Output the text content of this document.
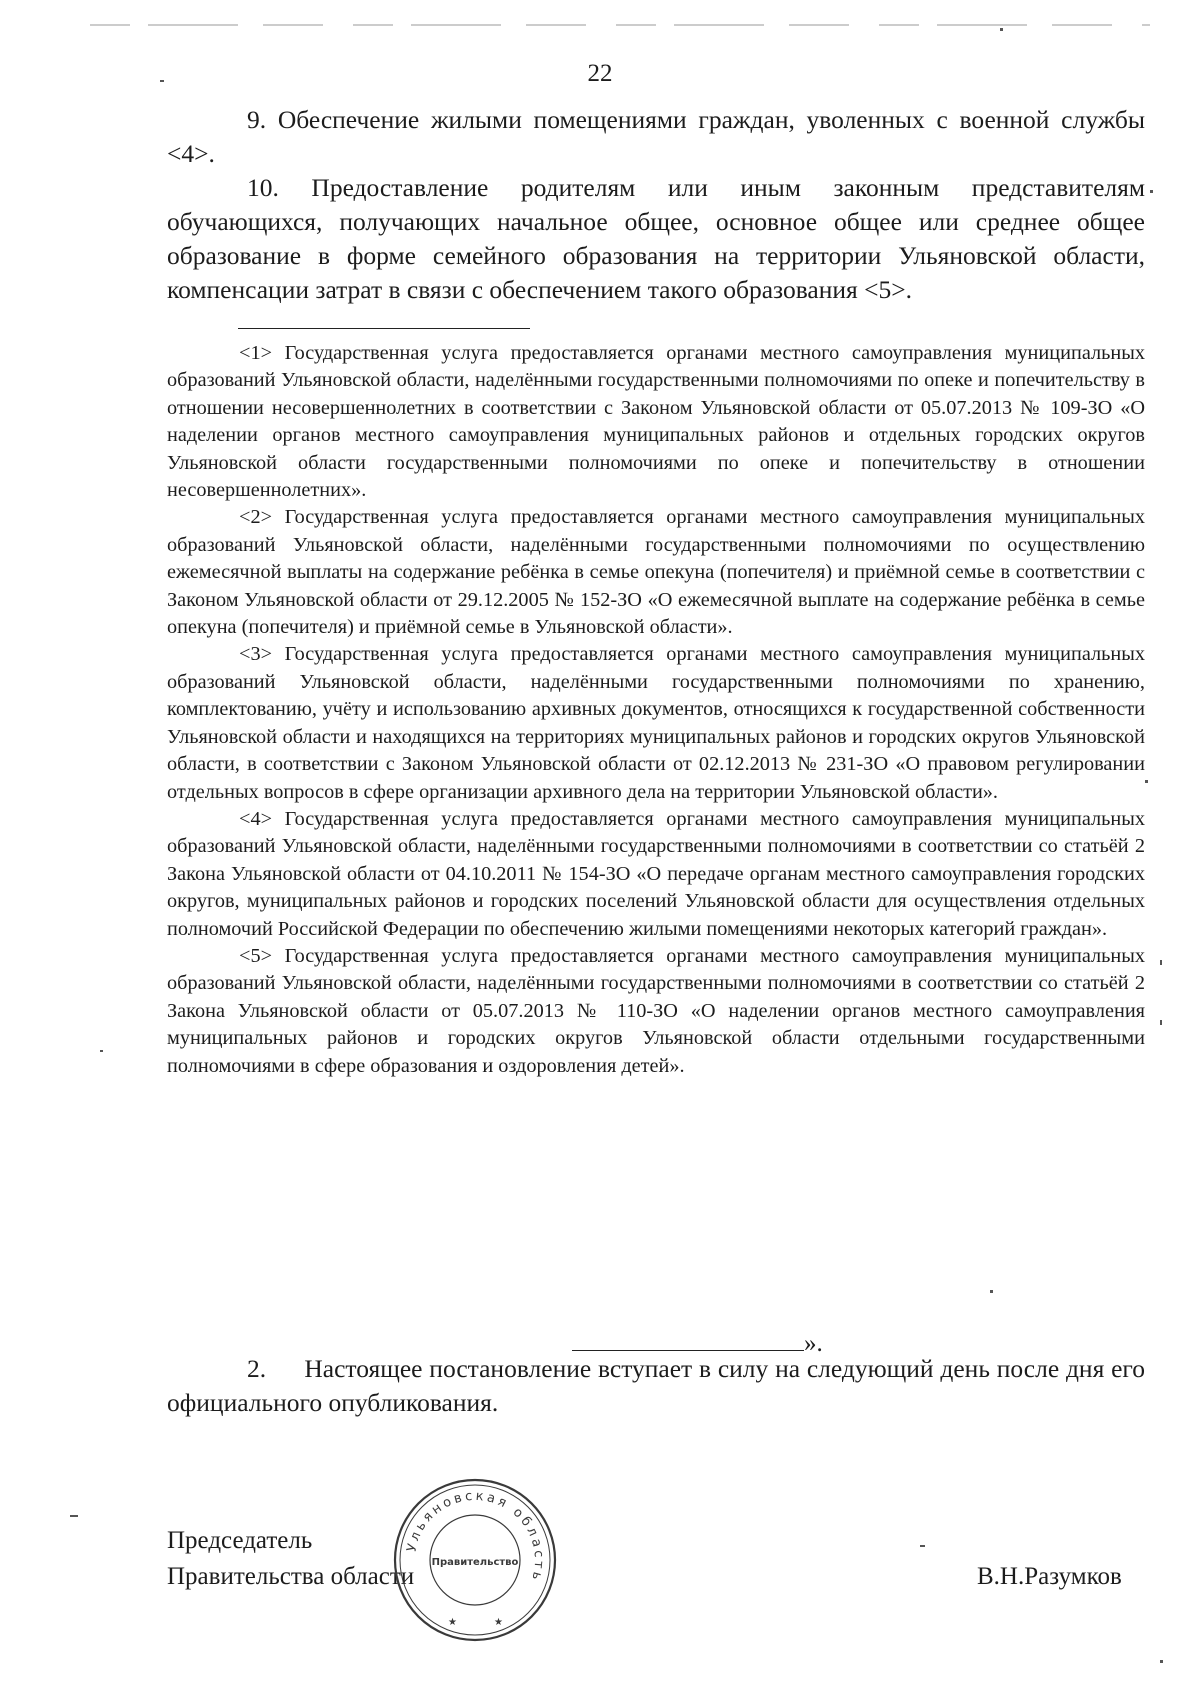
22

9. Обеспечение жилыми помещениями граждан, уволенных с военной службы <4>.

10. Предоставление родителям или иным законным представителям обучающихся, получающих начальное общее, основное общее или среднее общее образование в форме семейного образования на территории Ульяновской области, компенсации затрат в связи с обеспечением такого образования <5>.

<1> Государственная услуга предоставляется органами местного самоуправления муниципальных образований Ульяновской области, наделёнными государственными полномочиями по опеке и попечительству в отношении несовершеннолетних в соответствии с Законом Ульяновской области от 05.07.2013 № 109-ЗО «О наделении органов местного самоуправления муниципальных районов и отдельных городских округов Ульяновской области государственными полномочиями по опеке и попечительству в отношении несовершеннолетних».

<2> Государственная услуга предоставляется органами местного самоуправления муниципальных образований Ульяновской области, наделёнными государственными полномочиями по осуществлению ежемесячной выплаты на содержание ребёнка в семье опекуна (попечителя) и приёмной семье в соответствии с Законом Ульяновской области от 29.12.2005 № 152-ЗО «О ежемесячной выплате на содержание ребёнка в семье опекуна (попечителя) и приёмной семье в Ульяновской области».

<3> Государственная услуга предоставляется органами местного самоуправления муниципальных образований Ульяновской области, наделёнными государственными полномочиями по хранению, комплектованию, учёту и использованию архивных документов, относящихся к государственной собственности Ульяновской области и находящихся на территориях муниципальных районов и городских округов Ульяновской области, в соответствии с Законом Ульяновской области от 02.12.2013 № 231-ЗО «О правовом регулировании отдельных вопросов в сфере организации архивного дела на территории Ульяновской области».

<4> Государственная услуга предоставляется органами местного самоуправления муниципальных образований Ульяновской области, наделёнными государственными полномочиями в соответствии со статьёй 2 Закона Ульяновской области от 04.10.2011 № 154-ЗО «О передаче органам местного самоуправления городских округов, муниципальных районов и городских поселений Ульяновской области для осуществления отдельных полномочий Российской Федерации по обеспечению жилыми помещениями некоторых категорий граждан».

<5> Государственная услуга предоставляется органами местного самоуправления муниципальных образований Ульяновской области, наделёнными государственными полномочиями в соответствии со статьёй 2 Закона Ульяновской области от 05.07.2013 № 110-ЗО «О наделении органов местного самоуправления муниципальных районов и городских округов Ульяновской области отдельными государственными полномочиями в сфере образования и оздоровления детей».

».

2.  Настоящее постановление вступает в силу на следующий день после дня его официального опубликования.

Председатель
Правительства области	В.Н.Разумков
Ульяновская область
Правительство
★	★
